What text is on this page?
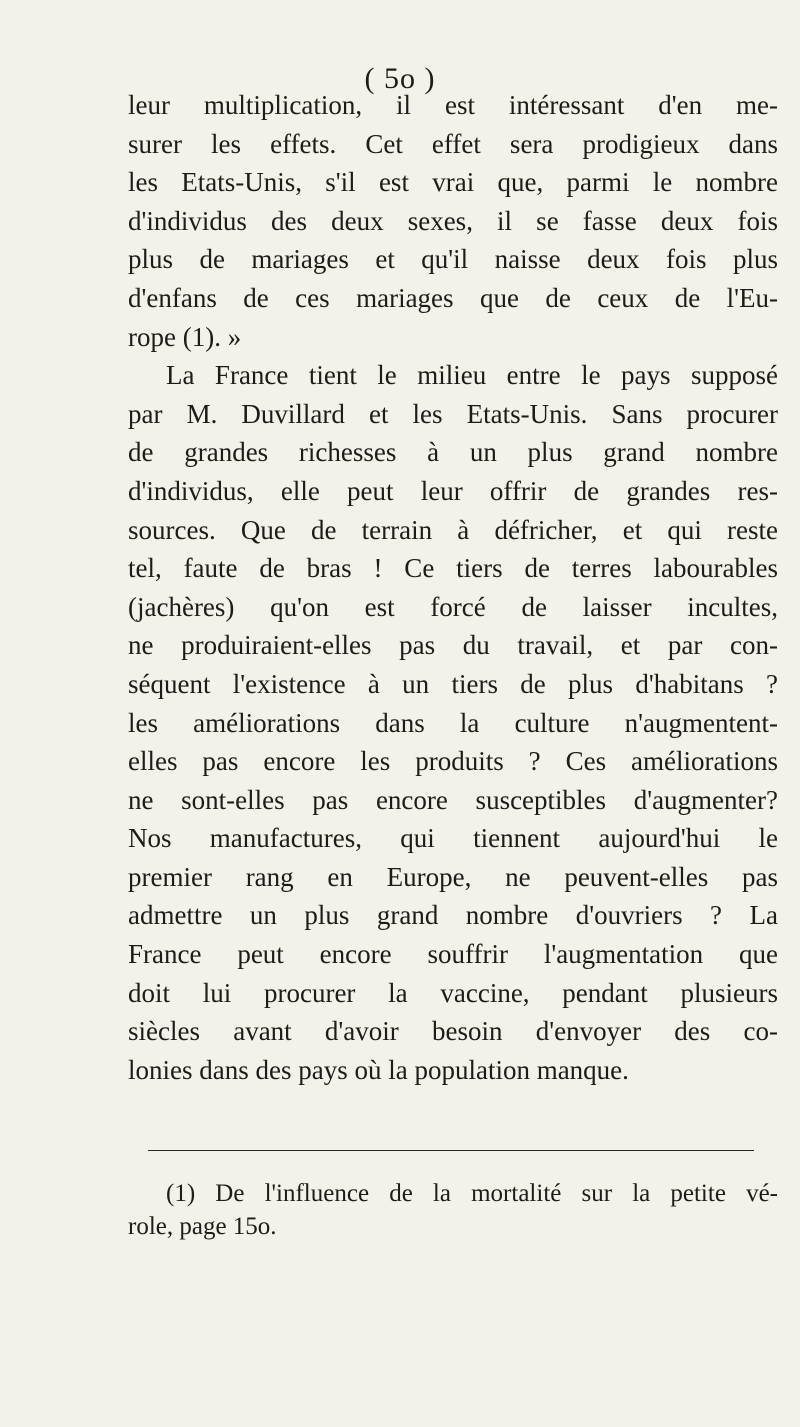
( 5o )
leur multiplication, il est intéressant d'en me-
surer les effets. Cet effet sera prodigieux dans
les Etats-Unis, s'il est vrai que, parmi le nombre
d'individus des deux sexes, il se fasse deux fois
plus de mariages et qu'il naisse deux fois plus
d'enfans de ces mariages que de ceux de l'Eu-
rope (1). »
La France tient le milieu entre le pays supposé
par M. Duvillard et les Etats-Unis. Sans procurer
de grandes richesses à un plus grand nombre
d'individus, elle peut leur offrir de grandes res-
sources. Que de terrain à défricher, et qui reste
tel, faute de bras ! Ce tiers de terres labourables
(jachères) qu'on est forcé de laisser incultes,
ne produiraient-elles pas du travail, et par con-
séquent l'existence à un tiers de plus d'habitans ?
les améliorations dans la culture n'augmentent-
elles pas encore les produits ? Ces améliorations
ne sont-elles pas encore susceptibles d'augmenter?
Nos manufactures, qui tiennent aujourd'hui le
premier rang en Europe, ne peuvent-elles pas
admettre un plus grand nombre d'ouvriers ? La
France peut encore souffrir l'augmentation que
doit lui procurer la vaccine, pendant plusieurs
siècles avant d'avoir besoin d'envoyer des co-
lonies dans des pays où la population manque.
(1) De l'influence de la mortalité sur la petite vé-
role, page 15o.
